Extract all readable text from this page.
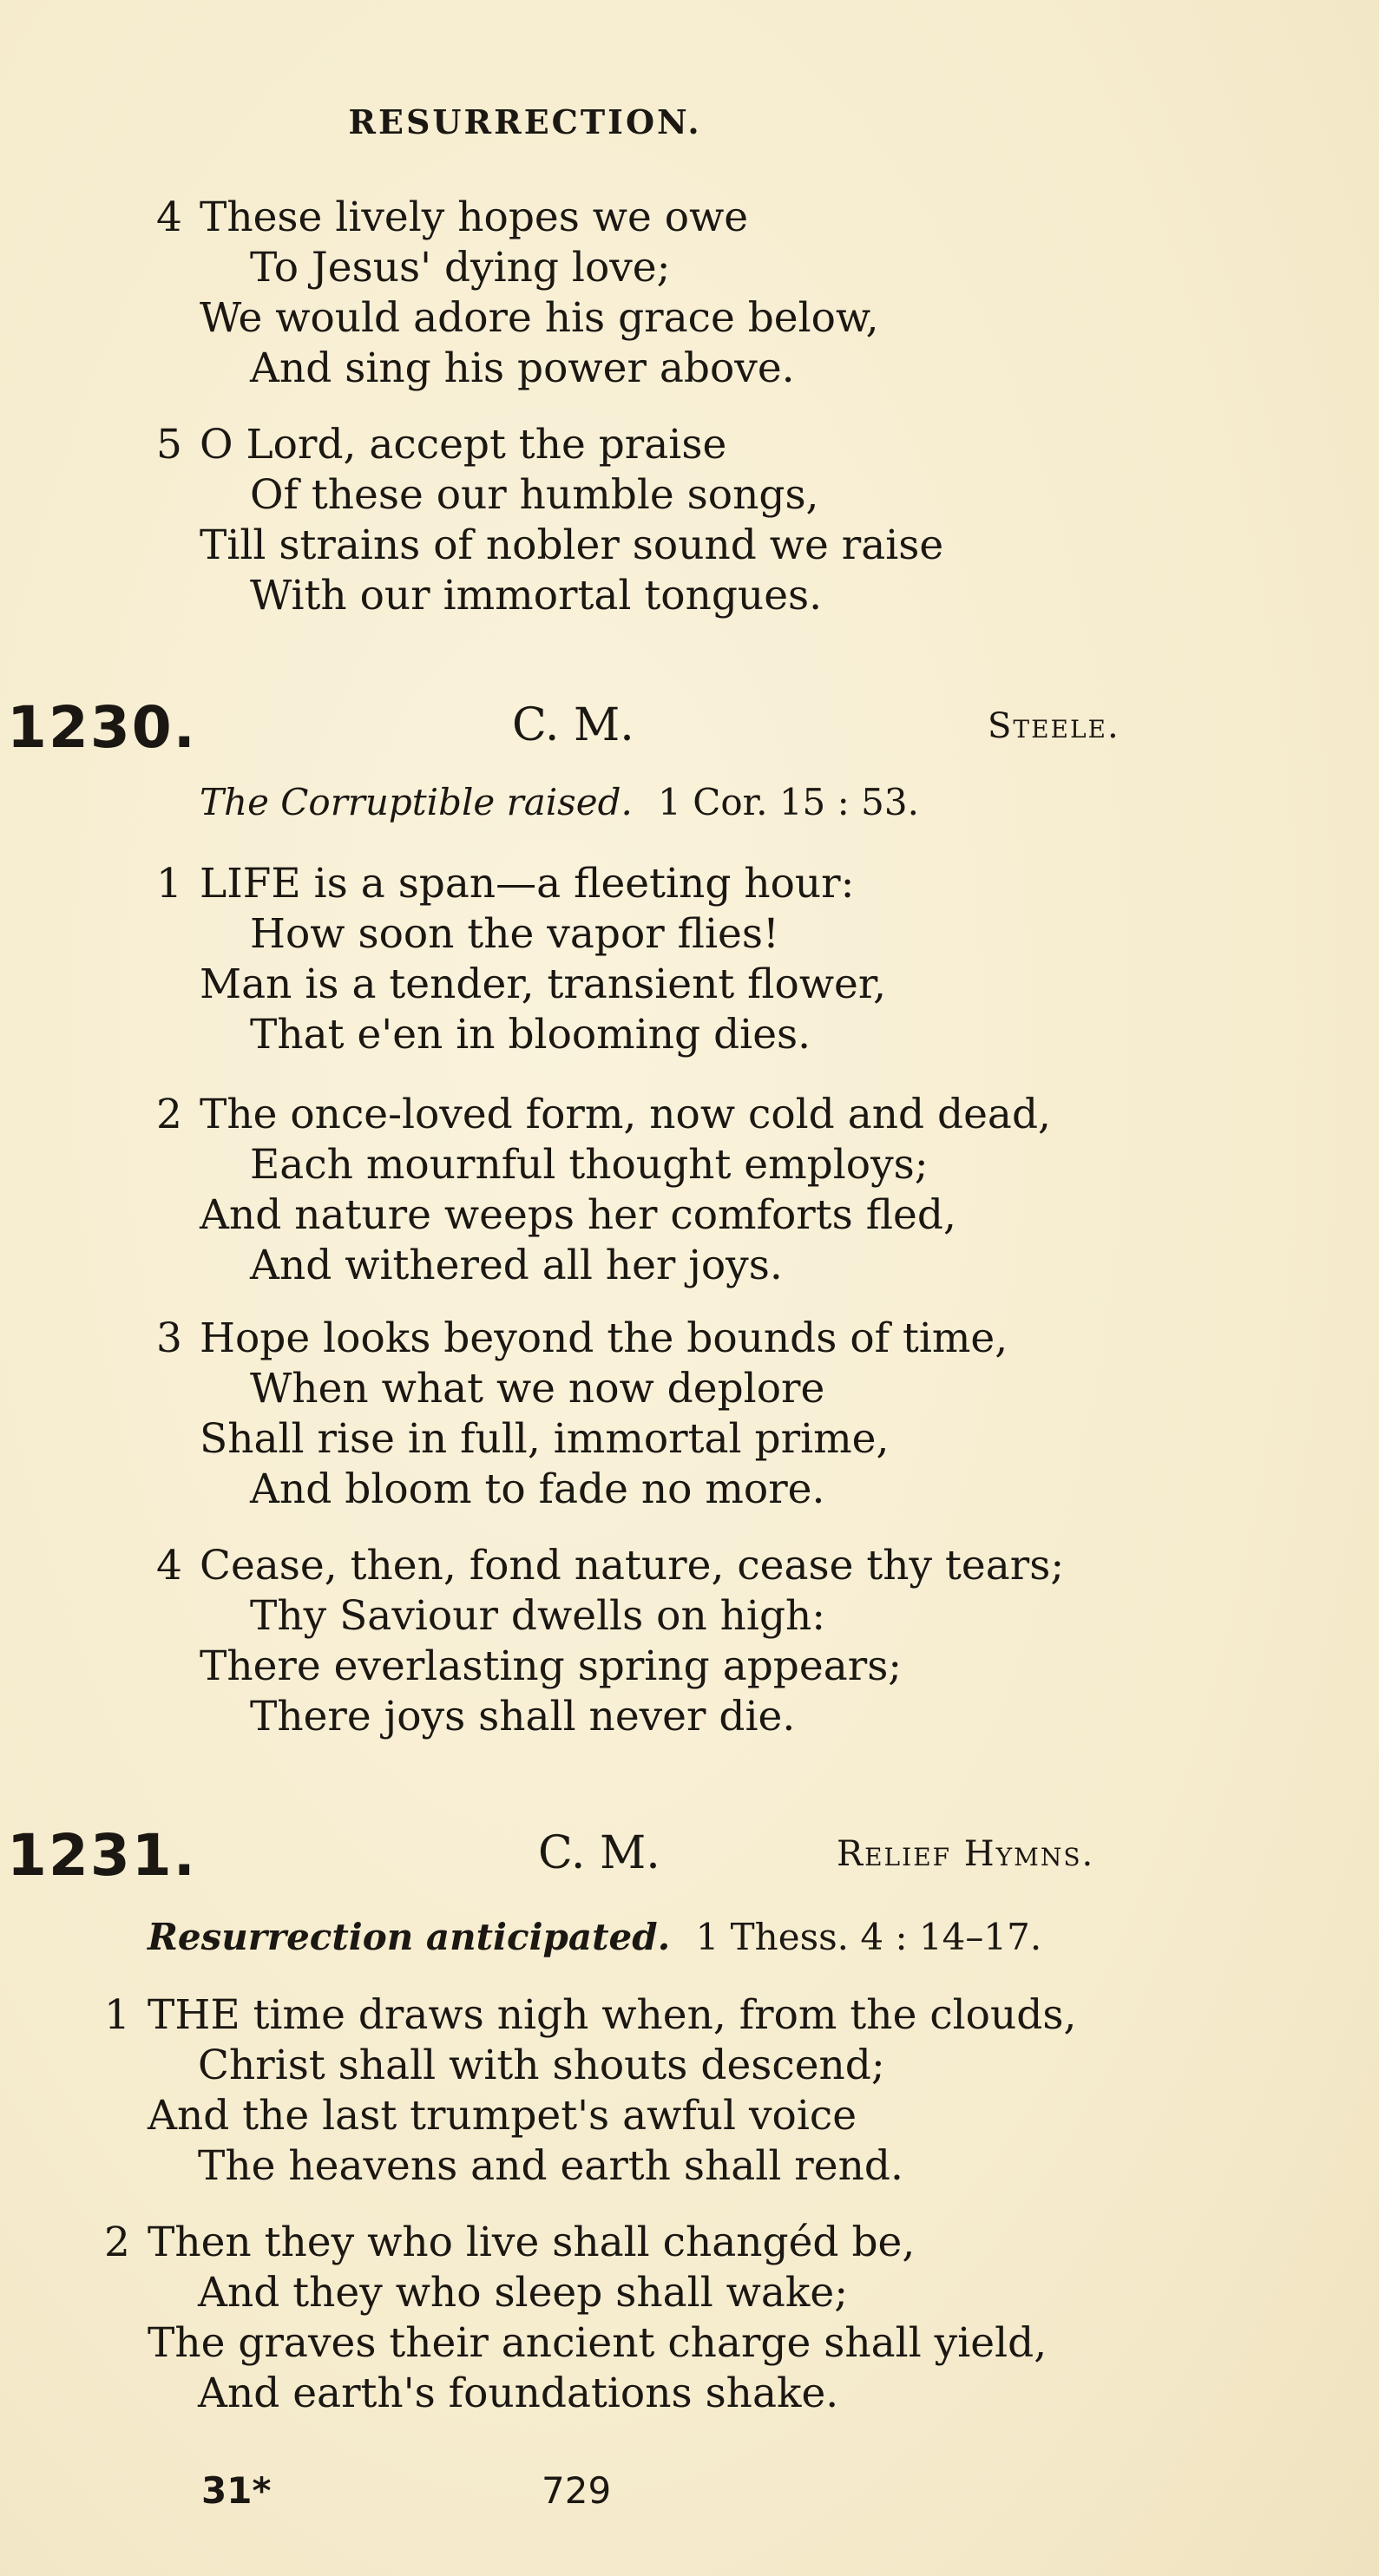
RESURRECTION.
4 These lively hopes we owe
To Jesus' dying love;
We would adore his grace below,
And sing his power above.
5 O Lord, accept the praise
Of these our humble songs,
Till strains of nobler sound we raise
With our immortal tongues.
1230.	C. M.	Steele.
The Corruptible raised. 1 Cor. 15 : 53.
1 LIFE is a span—a fleeting hour:
How soon the vapor flies!
Man is a tender, transient flower,
That e'en in blooming dies.
2 The once-loved form, now cold and dead,
Each mournful thought employs;
And nature weeps her comforts fled,
And withered all her joys.
3 Hope looks beyond the bounds of time,
When what we now deplore
Shall rise in full, immortal prime,
And bloom to fade no more.
4 Cease, then, fond nature, cease thy tears;
Thy Saviour dwells on high:
There everlasting spring appears;
There joys shall never die.
1231.	C. M.	Relief Hymns.
Resurrection anticipated. 1 Thess. 4 : 14–17.
1 THE time draws nigh when, from the clouds,
Christ shall with shouts descend;
And the last trumpet's awful voice
The heavens and earth shall rend.
2 Then they who live shall changéd be,
And they who sleep shall wake;
The graves their ancient charge shall yield,
And earth's foundations shake.
31*	729
